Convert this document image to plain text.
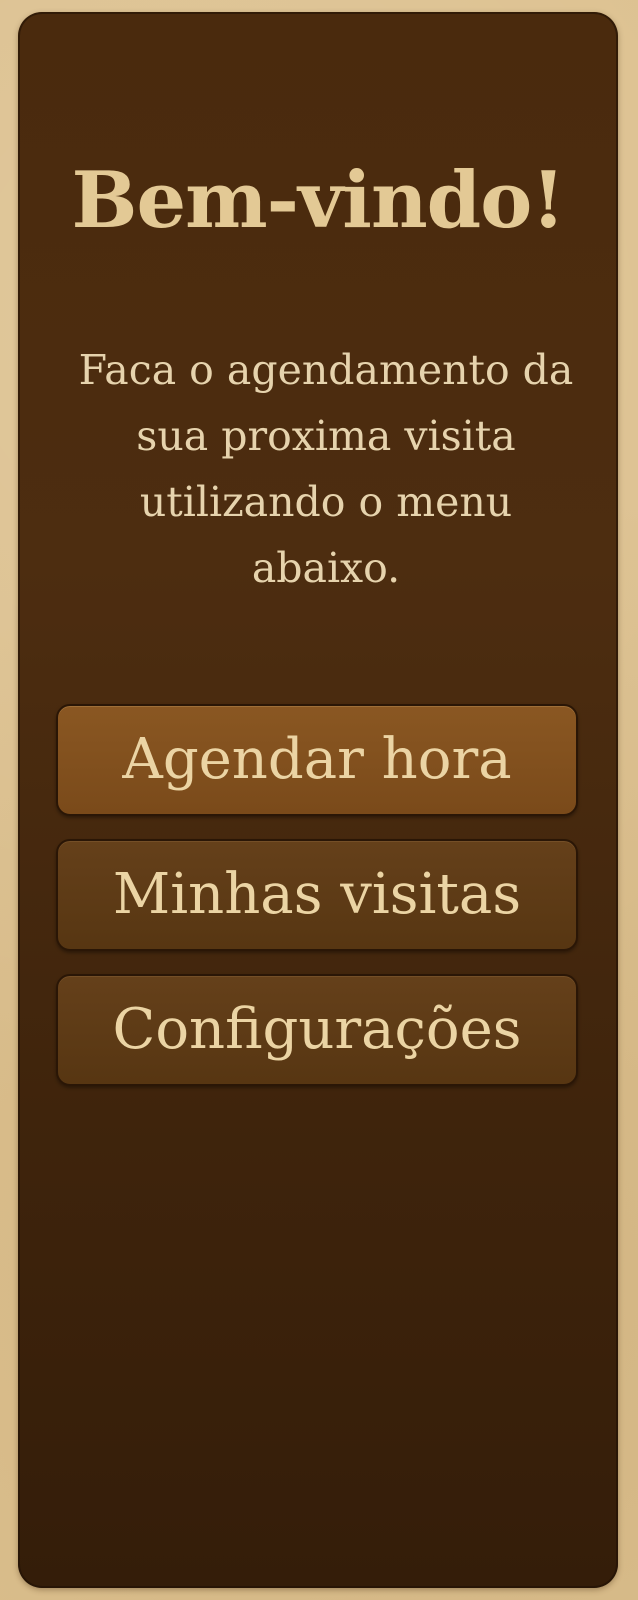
Bem-vindo!

Faca o agendamento da sua proxima visita utilizando o menu abaixo.

Agendar hora
Minhas visitas
Configurações
